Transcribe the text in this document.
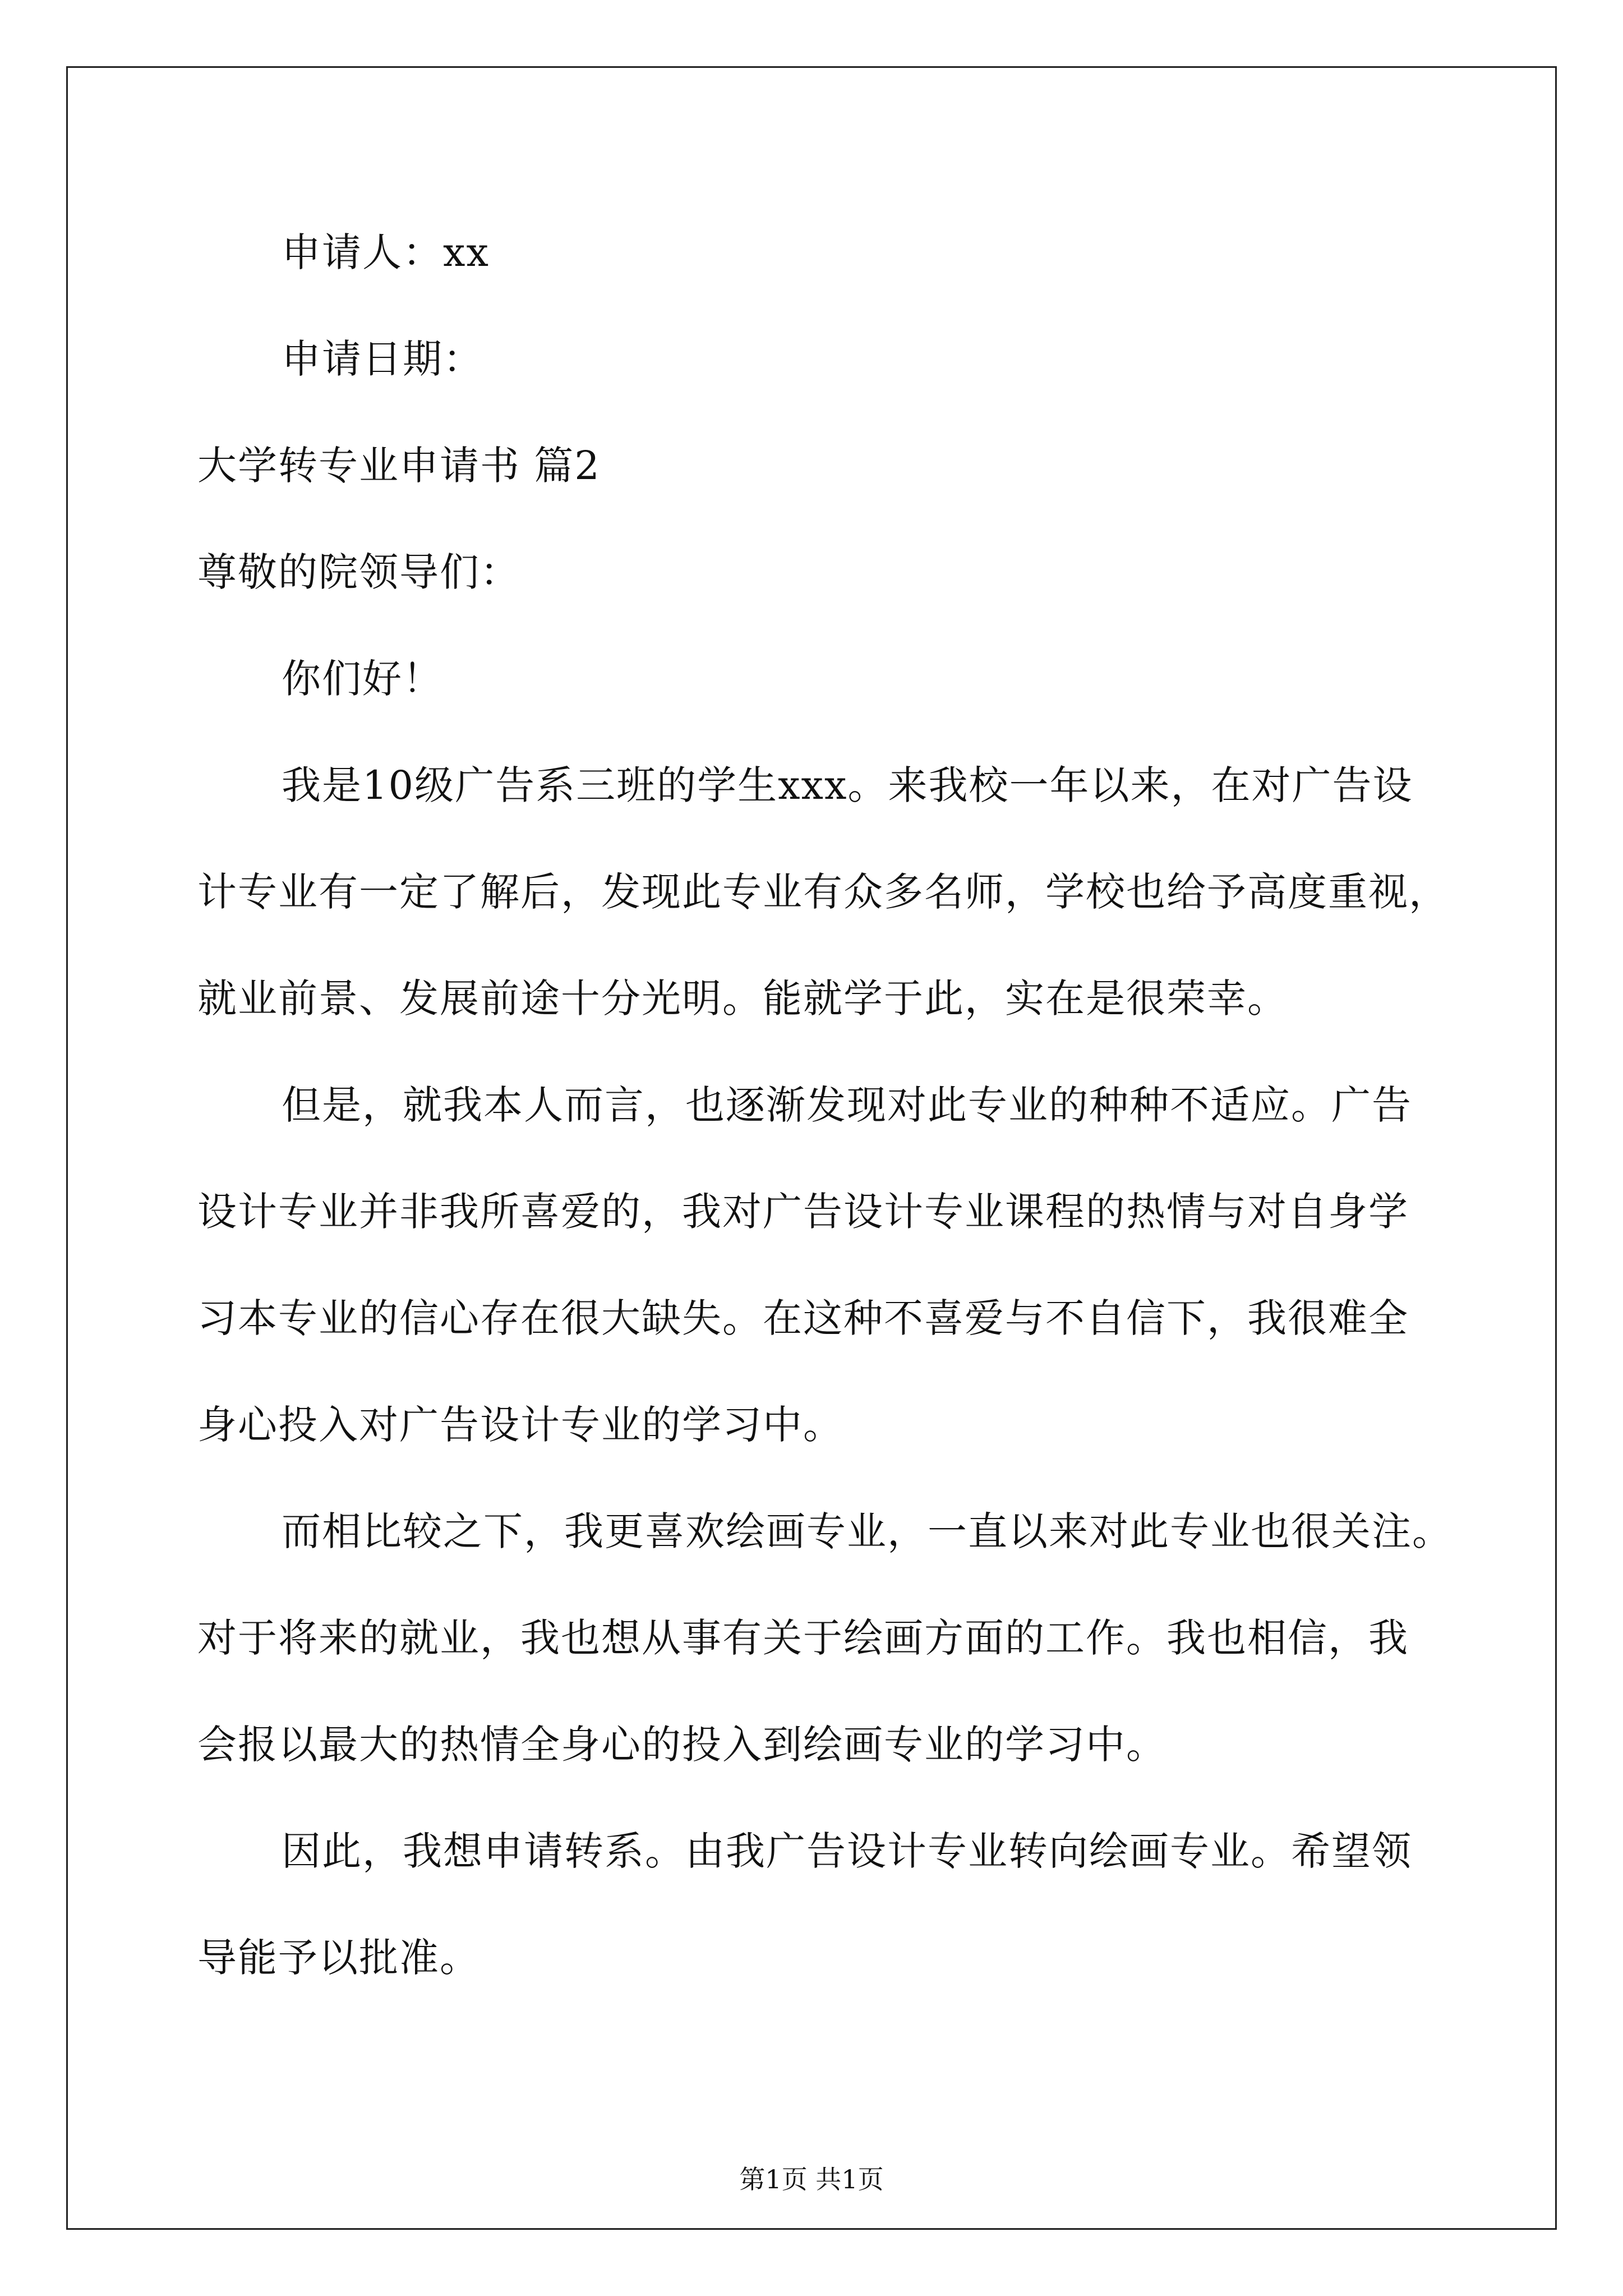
申请人：xx
申请日期：
大学转专业申请书 篇2
尊敬的院领导们：
你们好！
我是10级广告系三班的学生xxx。来我校一年以来，在对广告设
计专业有一定了解后，发现此专业有众多名师，学校也给予高度重视，
就业前景、发展前途十分光明。能就学于此，实在是很荣幸。
但是，就我本人而言，也逐渐发现对此专业的种种不适应。广告
设计专业并非我所喜爱的，我对广告设计专业课程的热情与对自身学
习本专业的信心存在很大缺失。在这种不喜爱与不自信下，我很难全
身心投入对广告设计专业的学习中。
而相比较之下，我更喜欢绘画专业，一直以来对此专业也很关注。
对于将来的就业，我也想从事有关于绘画方面的工作。我也相信，我
会报以最大的热情全身心的投入到绘画专业的学习中。
因此，我想申请转系。由我广告设计专业转向绘画专业。希望领
导能予以批准。
第1页 共1页
